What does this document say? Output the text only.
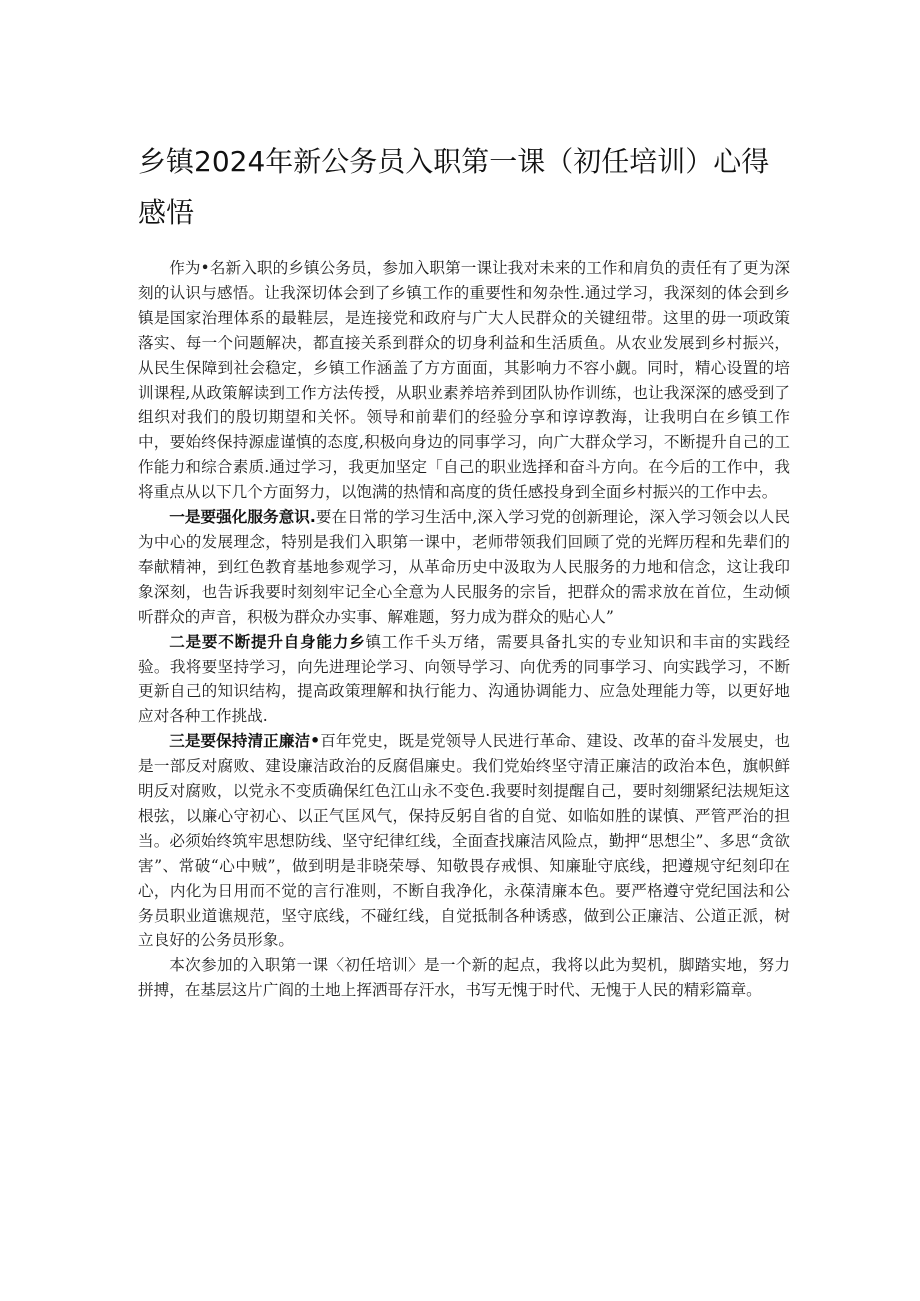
乡镇2024年新公务员入职第一课（初任培训）心得感悟

作为•名新入职的乡镇公务员，参加入职第一课让我对未来的工作和肩负的责任有了更为深刻的认识与感悟。让我深切体会到了乡镇工作的重要性和匆杂性.通过学习，我深刻的体会到乡镇是国家治理体系的最鞋层，是连接党和政府与广大人民群众的关键纽带。这里的毋一项政策落实、每一个问题解决，都直接关系到群众的切身利益和生活质鱼。从农业发展到乡村振兴，从民生保障到社会稳定，乡镇工作涵盖了方方面面，其影响力不容小觑。同时，精心设置的培训课程,从政策解读到工作方法传授，从职业素养培养到团队协作训练，也让我深深的感受到了组织对我们的殷切期望和关怀。领导和前辈们的经验分享和谆谆教海，让我明白在乡镇工作中，要始终保持源虚谨慎的态度,积极向身边的同事学习，向广大群众学习，不断提升自己的工作能力和综合素质.通过学习，我更加坚定「自己的职业选择和奋斗方向。在今后的工作中，我将重点从以下几个方面努力，以饱满的热情和高度的货任感投身到全面乡村振兴的工作中去。

一是要强化服务意识.要在日常的学习生活中,深入学习党的创新理论，深入学习领会以人民为中心的发展理念，特别是我们入职第一课中，老师带领我们回顾了党的光辉历程和先辈们的奉献精神，到红色教育基地参观学习，从革命历史中汲取为人民服务的力地和信念，这让我印象深刻，也告诉我要时刻刻牢记全心全意为人民服务的宗旨，把群众的需求放在首位，生动倾听群众的声音，积极为群众办实事、解难题，努力成为群众的贴心人”

二是要不断提升自身能力乡镇工作千头万绪，需要具备扎实的专业知识和丰亩的实践经验。我将要坚持学习，向先进理论学习、向领导学习、向优秀的同事学习、向实践学习，不断更新自己的知识结构，提高政策理解和执行能力、沟通协调能力、应急处理能力等，以更好地应对各种工作挑战.

三是要保持清正廉洁•百年党史，既是党领导人民进行革命、建设、改革的奋斗发展史，也是一部反对腐败、建设廉洁政治的反腐倡廉史。我们党始终坚守清正廉洁的政治本色，旗帜鲜明反对腐败，以党永不变质确保红色江山永不变色.我要时刻提醒自己，要时刻绷紧纪法规矩这根弦，以廉心守初心、以正气匡风气，保持反躬自省的自觉、如临如胜的谋慎、严管严治的担当。必须始终筑牢思想防线、坚守纪律红线，全面查找廉洁风险点，勤押“思想尘”、多思“贪欲害”、常破“心中贼”，做到明是非晓荣辱、知敬畏存戒惧、知廉耻守底线，把遵规守纪刻印在心，内化为日用而不觉的言行准则，不断自我净化，永葆清廉本色。要严格遵守党纪国法和公务员职业道谯规范，坚守底线，不碰红线，自觉抵制各种诱惑，做到公正廉洁、公道正派，树立良好的公务员形象。

本次参加的入职第一课〈初任培训〉是一个新的起点，我将以此为契机，脚踏实地，努力拼搏，在基层这片广阎的土地上挥洒哥存汗水，书写无愧于时代、无愧于人民的精彩篇章。
